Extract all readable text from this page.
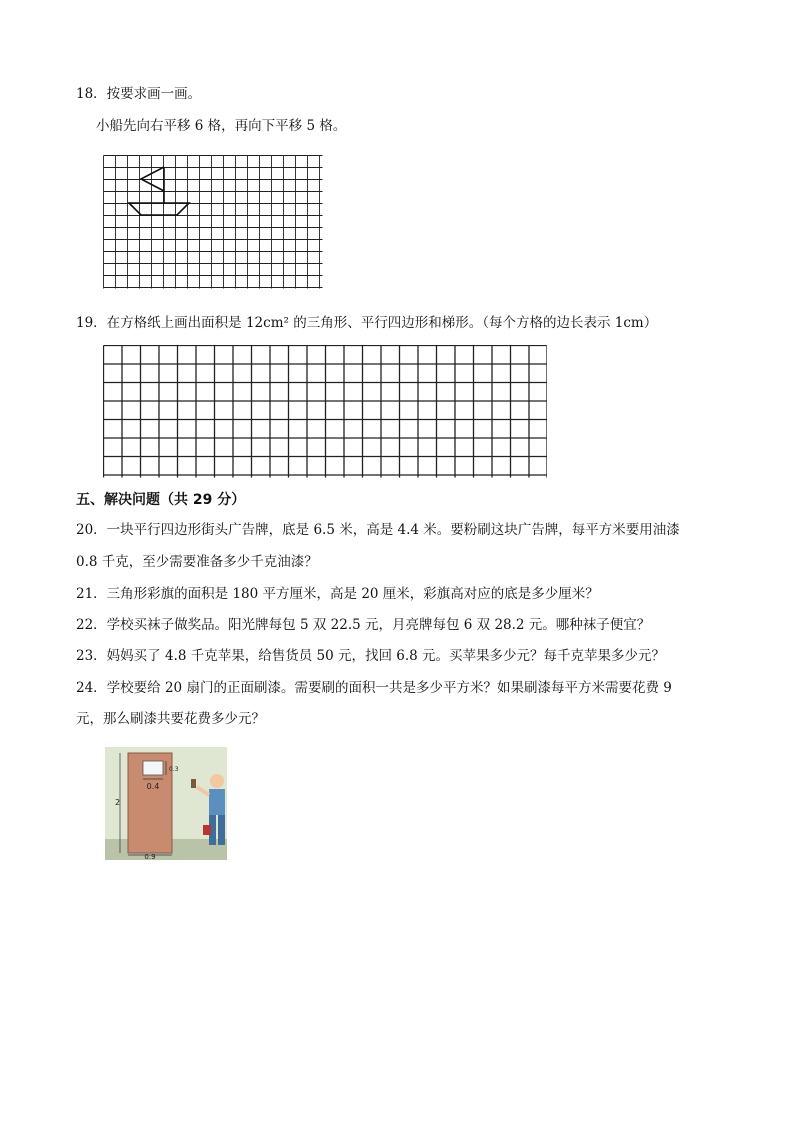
18．按要求画一画。
小船先向右平移 6 格，再向下平移 5 格。
19．在方格纸上画出面积是 12cm² 的三角形、平行四边形和梯形。（每个方格的边长表示 1cm）
五、解决问题（共 29 分）
20．一块平行四边形街头广告牌，底是 6.5 米，高是 4.4 米。要粉刷这块广告牌，每平方米要用油漆
0.8 千克，至少需要准备多少千克油漆？
21．三角形彩旗的面积是 180 平方厘米，高是 20 厘米，彩旗高对应的底是多少厘米？
22．学校买袜子做奖品。阳光牌每包 5 双 22.5 元，月亮牌每包 6 双 28.2 元。哪种袜子便宜？
23．妈妈买了 4.8 千克苹果，给售货员 50 元，找回 6.8 元。买苹果多少元？每千克苹果多少元？
24．学校要给 20 扇门的正面刷漆。需要刷的面积一共是多少平方米？如果刷漆每平方米需要花费 9
元，那么刷漆共要花费多少元？
0.4
0.3
2
0.9
